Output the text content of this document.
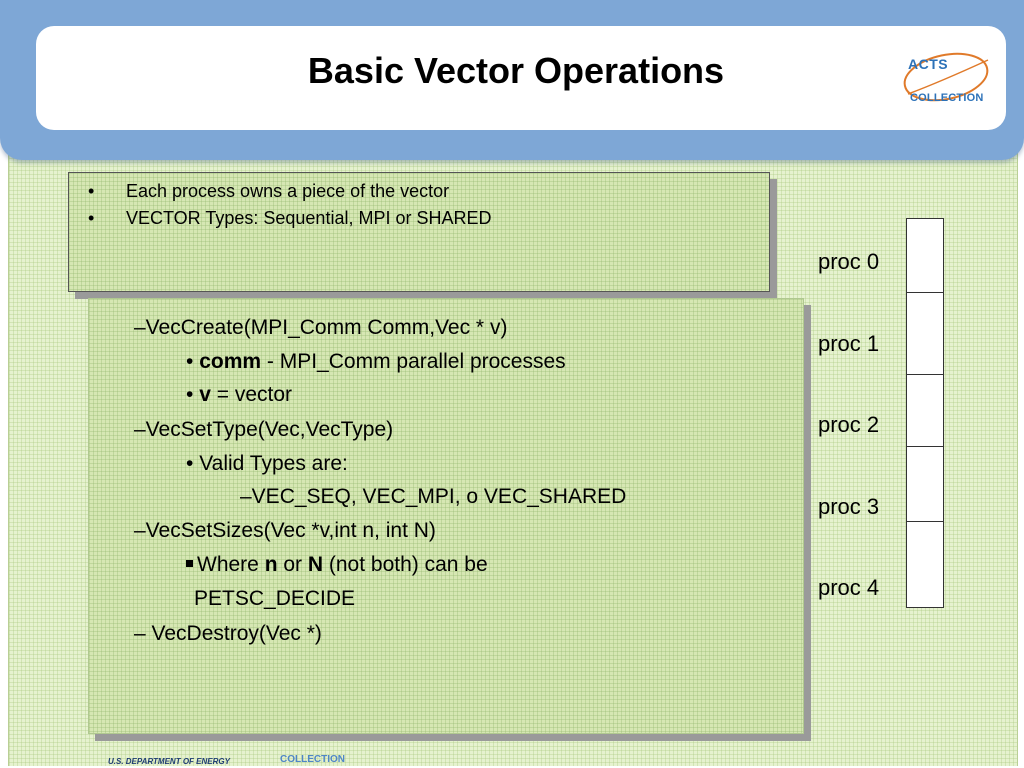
Basic Vector Operations	ACTS
COLLECTION
• Each process owns a piece of the vector
• VECTOR Types: Sequential, MPI or SHARED
–VecCreate(MPI_Comm Comm,Vec * v)
• comm - MPI_Comm parallel processes
• v = vector
–VecSetType(Vec,VecType)
• Valid Types are:
–VEC_SEQ, VEC_MPI, o VEC_SHARED
–VecSetSizes(Vec *v,int n, int N)
Where n or N (not both) can be
PETSC_DECIDE
– VecDestroy(Vec *)
proc 0
proc 1
proc 2
proc 3
proc 4
U.S. DEPARTMENT OF ENERGY	COLLECTION
